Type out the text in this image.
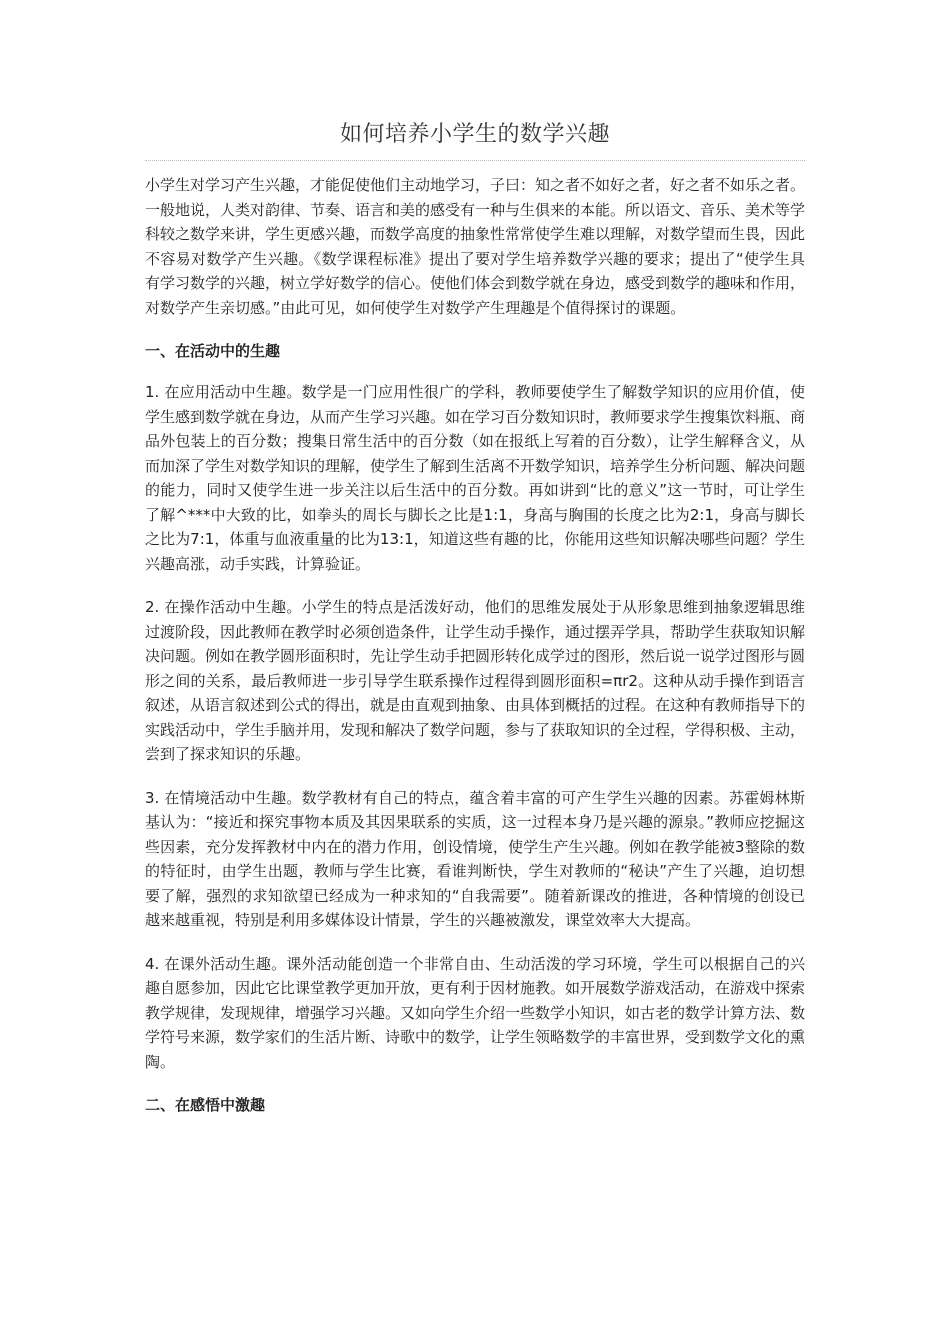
如何培养小学生的数学兴趣

小学生对学习产生兴趣，才能促使他们主动地学习，子曰：知之者不如好之者，好之者不如乐之者。一般地说，人类对韵律、节奏、语言和美的感受有一种与生俱来的本能。所以语文、音乐、美术等学科较之数学来讲，学生更感兴趣，而数学高度的抽象性常常使学生难以理解，对数学望而生畏，因此不容易对数学产生兴趣。《数学课程标准》提出了要对学生培养数学兴趣的要求；提出了“使学生具有学习数学的兴趣，树立学好数学的信心。使他们体会到数学就在身边，感受到数学的趣味和作用，对数学产生亲切感。”由此可见，如何使学生对数学产生理趣是个值得探讨的课题。

一、在活动中的生趣

1. 在应用活动中生趣。数学是一门应用性很广的学科，教师要使学生了解数学知识的应用价值，使学生感到数学就在身边，从而产生学习兴趣。如在学习百分数知识时，教师要求学生搜集饮料瓶、商品外包装上的百分数；搜集日常生活中的百分数（如在报纸上写着的百分数），让学生解释含义，从而加深了学生对数学知识的理解，使学生了解到生活离不开数学知识，培养学生分析问题、解决问题的能力，同时又使学生进一步关注以后生活中的百分数。再如讲到“比的意义”这一节时，可让学生了解^***中大致的比，如拳头的周长与脚长之比是1:1，身高与胸围的长度之比为2:1，身高与脚长之比为7:1，体重与血液重量的比为13:1，知道这些有趣的比，你能用这些知识解决哪些问题？学生兴趣高涨，动手实践，计算验证。

2. 在操作活动中生趣。小学生的特点是活泼好动，他们的思维发展处于从形象思维到抽象逻辑思维过渡阶段，因此教师在教学时必须创造条件，让学生动手操作，通过摆弄学具，帮助学生获取知识解决问题。例如在教学圆形面积时，先让学生动手把圆形转化成学过的图形，然后说一说学过图形与圆形之间的关系，最后教师进一步引导学生联系操作过程得到圆形面积=πr2。这种从动手操作到语言叙述，从语言叙述到公式的得出，就是由直观到抽象、由具体到概括的过程。在这种有教师指导下的实践活动中，学生手脑并用，发现和解决了数学问题，参与了获取知识的全过程，学得积极、主动，尝到了探求知识的乐趣。

3. 在情境活动中生趣。数学教材有自己的特点，蕴含着丰富的可产生学生兴趣的因素。苏霍姆林斯基认为：“接近和探究事物本质及其因果联系的实质，这一过程本身乃是兴趣的源泉。”教师应挖掘这些因素，充分发挥教材中内在的潜力作用，创设情境，使学生产生兴趣。例如在教学能被3整除的数的特征时，由学生出题，教师与学生比赛，看谁判断快，学生对教师的“秘诀”产生了兴趣，迫切想要了解，强烈的求知欲望已经成为一种求知的“自我需要”。随着新课改的推进，各种情境的创设已越来越重视，特别是利用多媒体设计情景，学生的兴趣被激发，课堂效率大大提高。

4. 在课外活动生趣。课外活动能创造一个非常自由、生动活泼的学习环境，学生可以根据自己的兴趣自愿参加，因此它比课堂教学更加开放，更有利于因材施教。如开展数学游戏活动，在游戏中探索教学规律，发现规律，增强学习兴趣。又如向学生介绍一些数学小知识，如古老的数学计算方法、数学符号来源，数学家们的生活片断、诗歌中的数学，让学生领略数学的丰富世界，受到数学文化的熏陶。

二、在感悟中激趣
